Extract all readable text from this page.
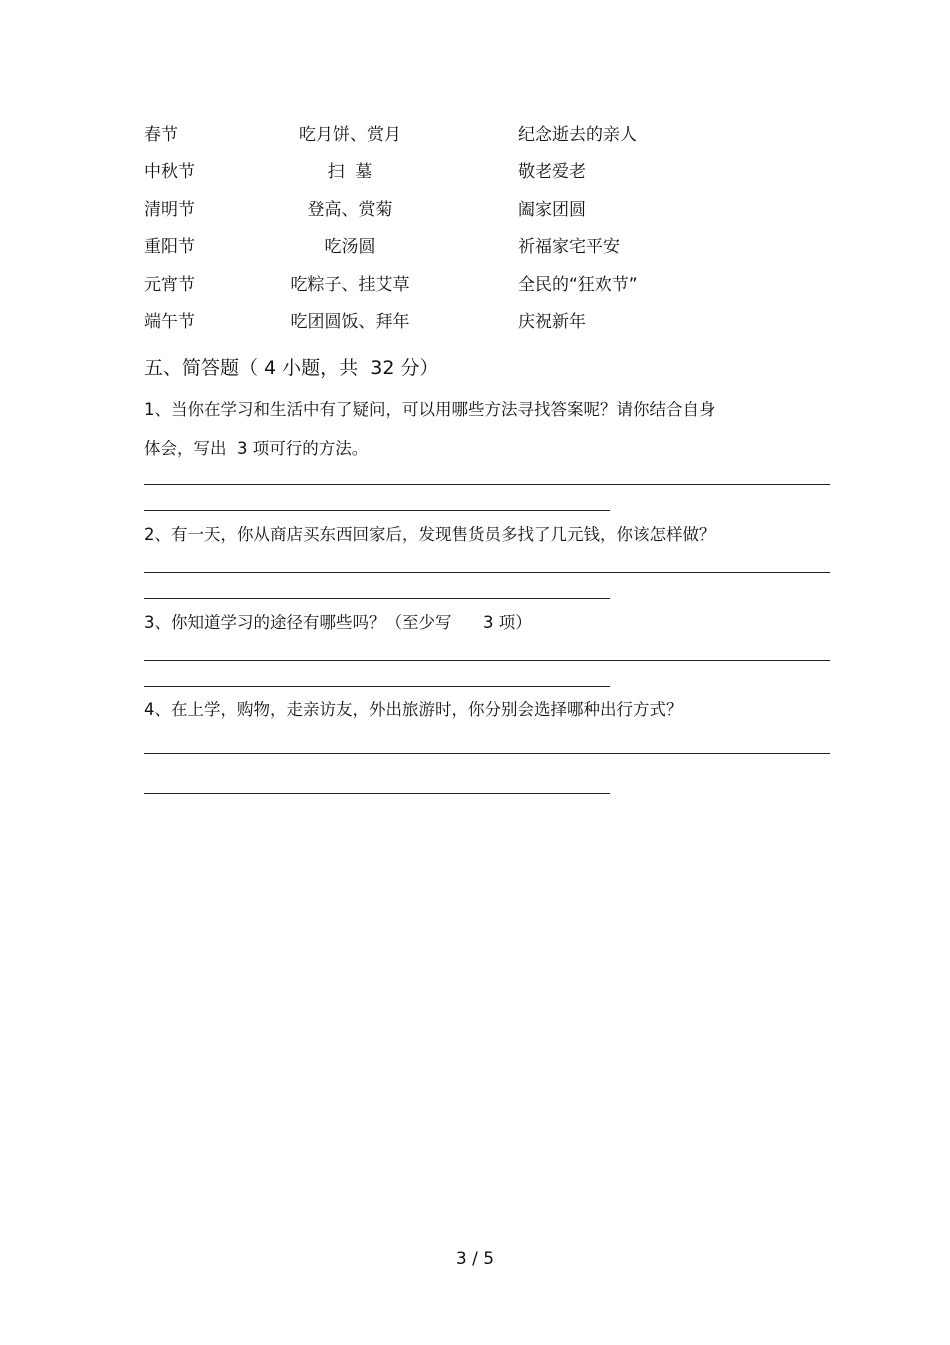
春节	吃月饼、赏月	纪念逝去的亲人
中秋节	扫  墓	敬老爱老
清明节	登高、赏菊	阖家团圆
重阳节	吃汤圆	祈福家宅平安
元宵节	吃粽子、挂艾草	全民的“狂欢节”
端午节	吃团圆饭、拜年	庆祝新年
五、简答题（ 4 小题，共  32 分）
1、当你在学习和生活中有了疑问，可以用哪些方法寻找答案呢？请你结合自身
体会，写出  3 项可行的方法。
2、有一天，你从商店买东西回家后，发现售货员多找了几元钱，你该怎样做？
3、你知道学习的途径有哪些吗？（至少写      3 项）
4、在上学，购物，走亲访友，外出旅游时，你分别会选择哪种出行方式？
3 / 5
